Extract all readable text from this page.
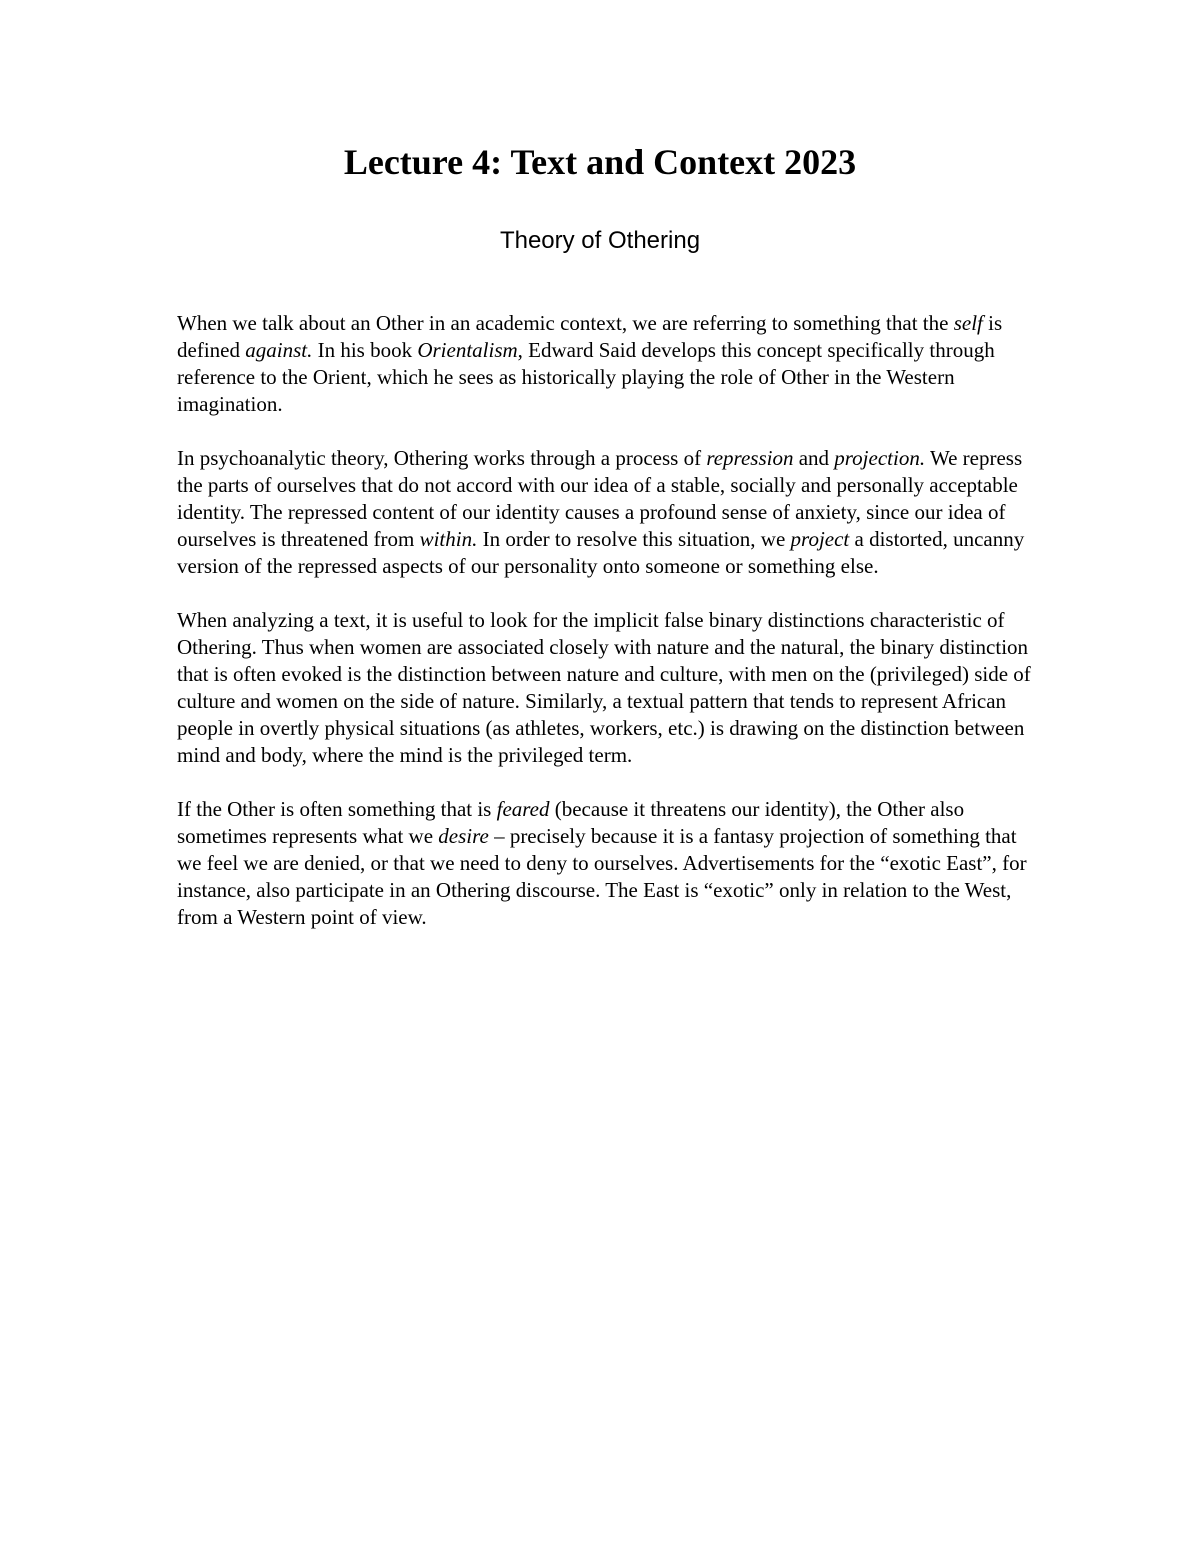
Lecture 4: Text and Context 2023
Theory of Othering

When we talk about an Other in an academic context, we are referring to something that the self is defined against. In his book Orientalism, Edward Said develops this concept specifically through reference to the Orient, which he sees as historically playing the role of Other in the Western imagination.

In psychoanalytic theory, Othering works through a process of repression and projection. We repress the parts of ourselves that do not accord with our idea of a stable, socially and personally acceptable identity. The repressed content of our identity causes a profound sense of anxiety, since our idea of ourselves is threatened from within. In order to resolve this situation, we project a distorted, uncanny version of the repressed aspects of our personality onto someone or something else.

When analyzing a text, it is useful to look for the implicit false binary distinctions characteristic of Othering. Thus when women are associated closely with nature and the natural, the binary distinction that is often evoked is the distinction between nature and culture, with men on the (privileged) side of culture and women on the side of nature. Similarly, a textual pattern that tends to represent African people in overtly physical situations (as athletes, workers, etc.) is drawing on the distinction between mind and body, where the mind is the privileged term.

If the Other is often something that is feared (because it threatens our identity), the Other also sometimes represents what we desire – precisely because it is a fantasy projection of something that we feel we are denied, or that we need to deny to ourselves. Advertisements for the “exotic East”, for instance, also participate in an Othering discourse. The East is “exotic” only in relation to the West, from a Western point of view.
